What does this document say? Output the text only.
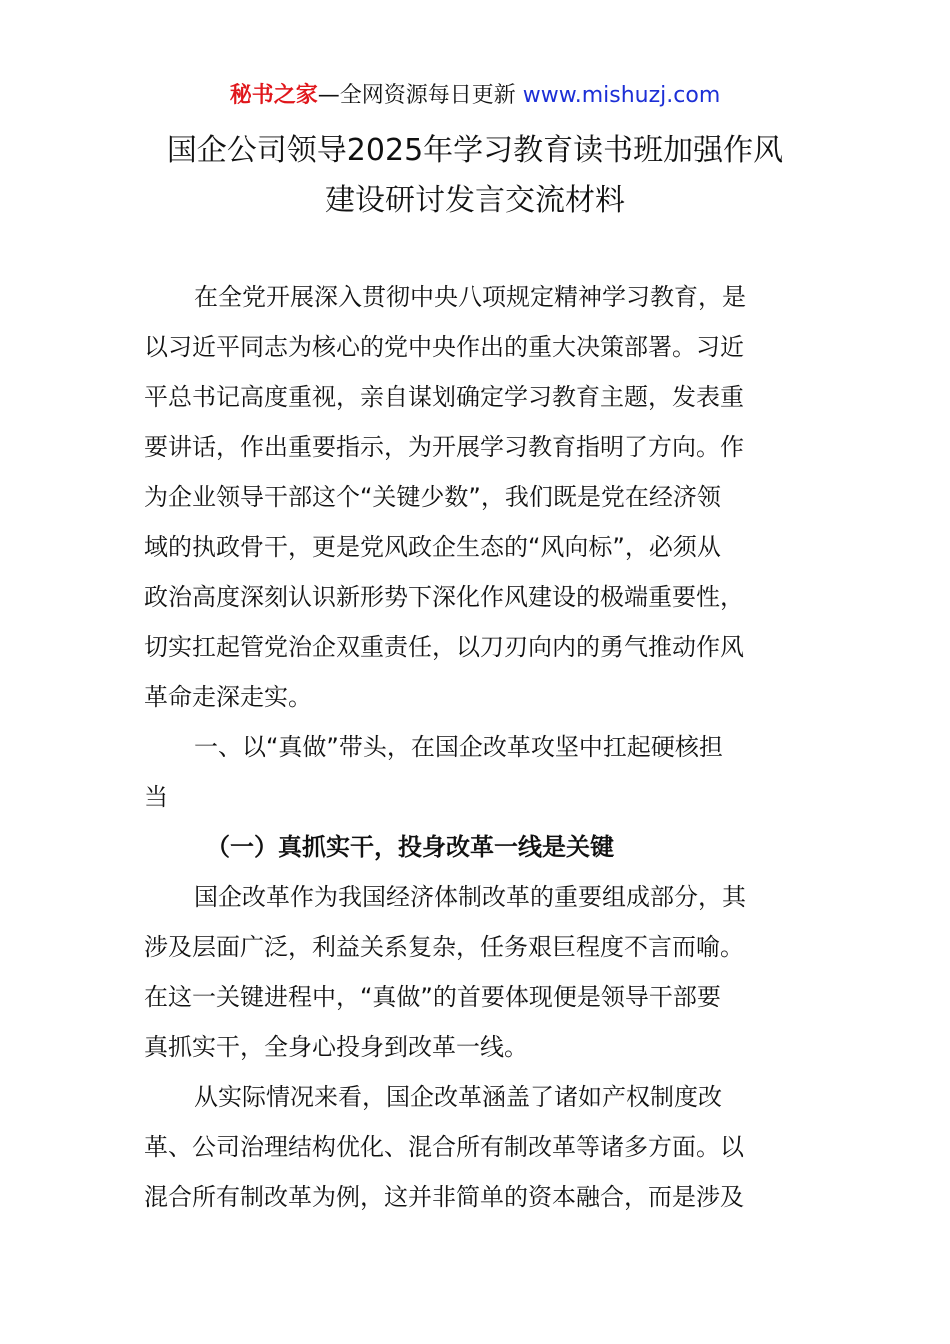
秘书之家—全网资源每日更新 www.mishuzj.com
国企公司领导2025年学习教育读书班加强作风
建设研讨发言交流材料
在全党开展深入贯彻中央八项规定精神学习教育，是
以习近平同志为核心的党中央作出的重大决策部署。习近
平总书记高度重视，亲自谋划确定学习教育主题，发表重
要讲话，作出重要指示，为开展学习教育指明了方向。作
为企业领导干部这个“关键少数”，我们既是党在经济领
域的执政骨干，更是党风政企生态的“风向标”，必须从
政治高度深刻认识新形势下深化作风建设的极端重要性，
切实扛起管党治企双重责任，以刀刃向内的勇气推动作风
革命走深走实。
一、以“真做”带头，在国企改革攻坚中扛起硬核担
当
（一）真抓实干，投身改革一线是关键
国企改革作为我国经济体制改革的重要组成部分，其
涉及层面广泛，利益关系复杂，任务艰巨程度不言而喻。
在这一关键进程中，“真做”的首要体现便是领导干部要
真抓实干，全身心投身到改革一线。
从实际情况来看，国企改革涵盖了诸如产权制度改
革、公司治理结构优化、混合所有制改革等诸多方面。以
混合所有制改革为例，这并非简单的资本融合，而是涉及
